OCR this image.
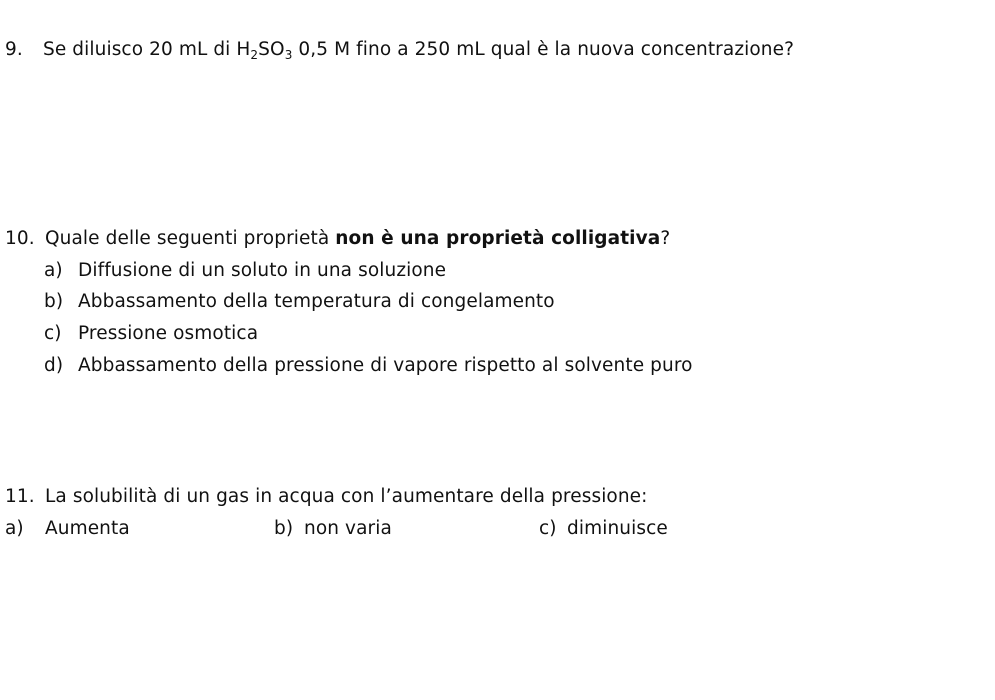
9. Se diluisco 20 mL di $H_2SO_3$ 0,5 M fino a 250 mL qual è la nuova concentrazione?
10. Quale delle seguenti proprietà non è una proprietà colligativa?
a) Diffusione di un soluto in una soluzione
b) Abbassamento della temperatura di congelamento
c) Pressione osmotica
d) Abbassamento della pressione di vapore rispetto al solvente puro
11. La solubilità di un gas in acqua con l’aumentare della pressione:
a) Aumenta	b) non varia	c) diminuisce
